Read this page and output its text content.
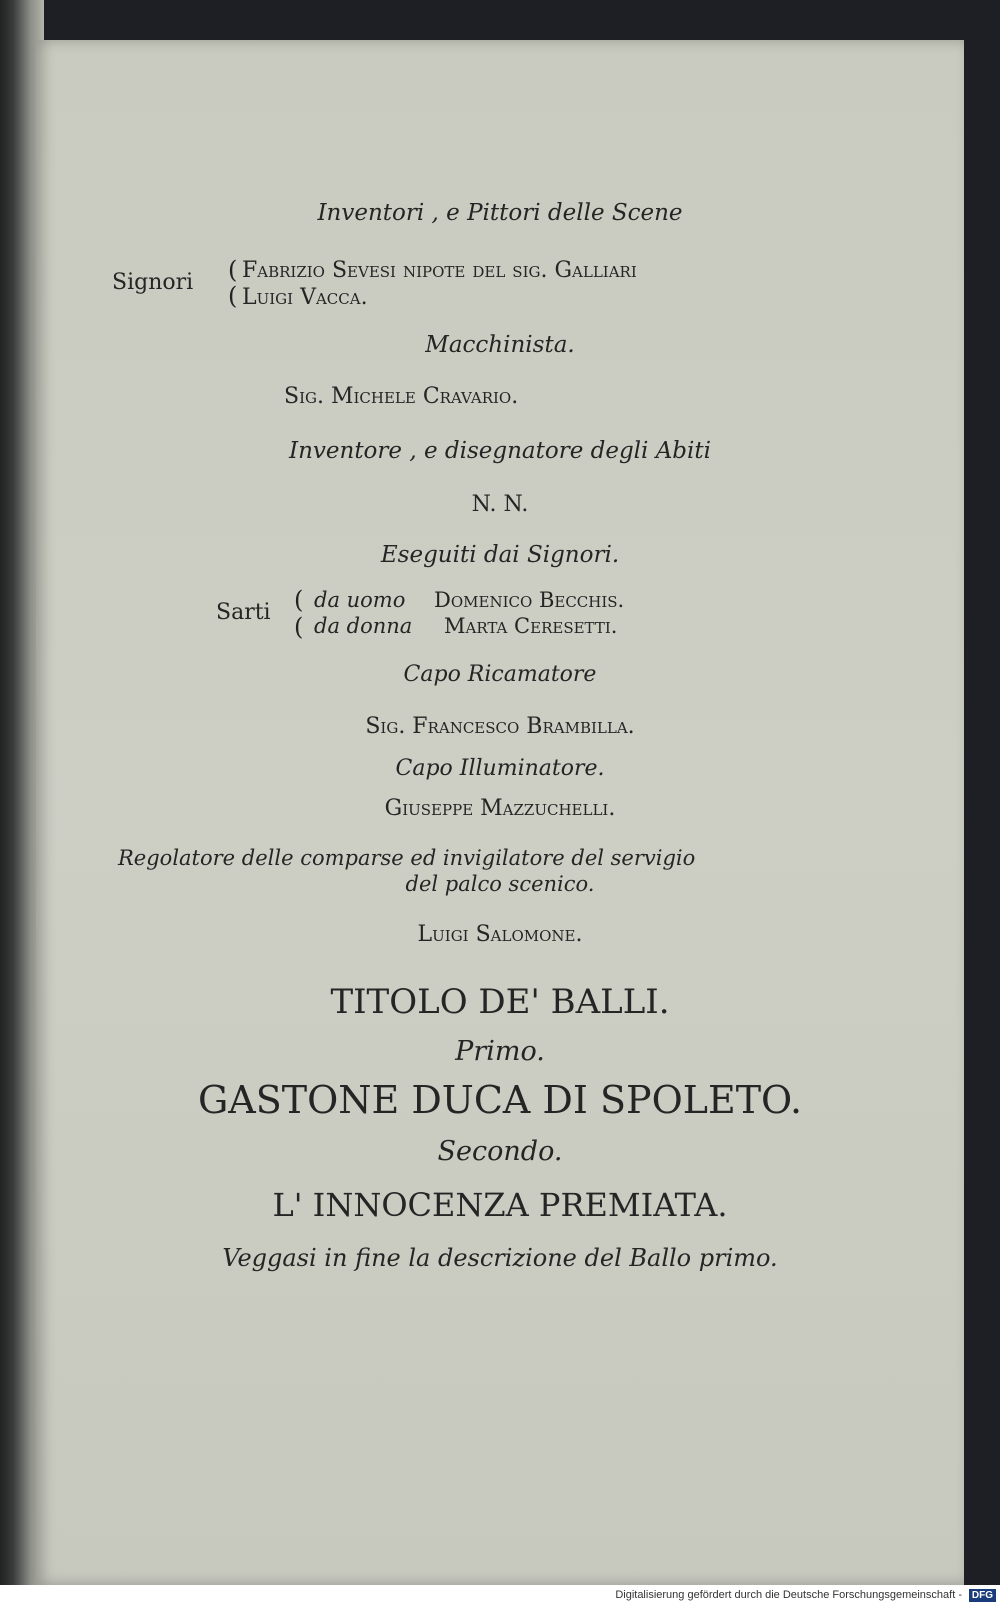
Inventori , e Pittori delle Scene
Signori (
(
Fabrizio Sevesi nipote del sig. Galliari
Luigi Vacca.
Macchinista.
Sig. Michele Cravario.
Inventore , e disegnatore degli Abiti
N. N.
Eseguiti dai Signori.
Sarti (
(
da uomo Domenico Becchis.
da donna Marta Ceresetti.
Capo Ricamatore
Sig. Francesco Brambilla.
Capo Illuminatore.
Giuseppe Mazzuchelli.
Regolatore delle comparse ed invigilatore del servigio
del palco scenico.
Luigi Salomone.
TITOLO DE' BALLI.
Primo.
GASTONE DUCA DI SPOLETO.
Secondo.
L' INNOCENZA PREMIATA.
Veggasi in fine la descrizione del Ballo primo.
Digitalisierung gefördert durch die Deutsche Forschungsgemeinschaft - DFG
